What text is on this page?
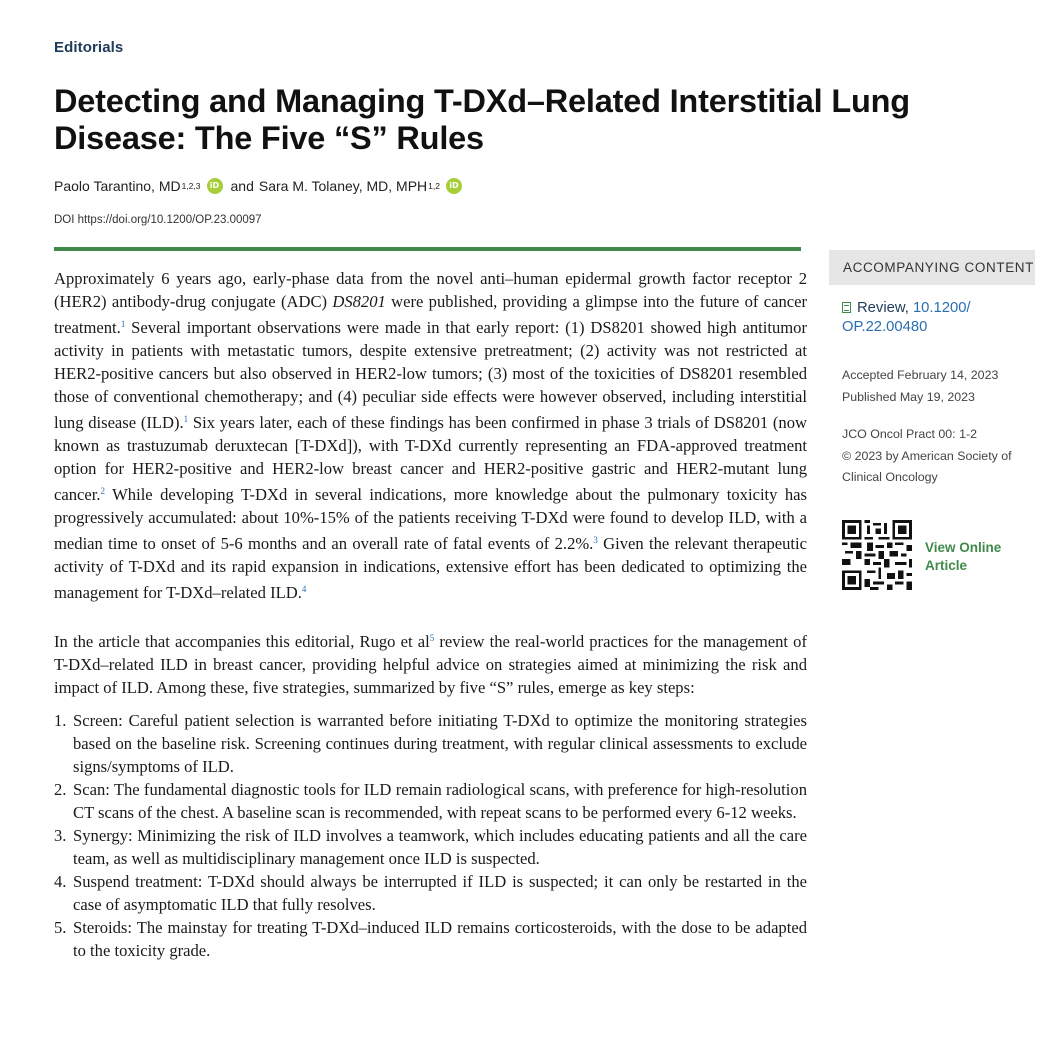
Editorials
Detecting and Managing T-DXd–Related Interstitial Lung
Disease: The Five “S” Rules
Paolo Tarantino, MD 1,2,3	iD and Sara M. Tolaney, MD, MPH 1,2	iD
DOI https://doi.org/10.1200/OP.23.00097

Approximately 6 years ago, early-phase data from the novel anti–human epidermal growth factor receptor 2 (HER2) antibody-drug conjugate (ADC) DS8201 were published, providing a glimpse into the future of cancer treatment.$^1$ Several important observations were made in that early report: (1) DS8201 showed high antitumor activity in patients with metastatic tumors, despite extensive pretreatment; (2) activity was not restricted at HER2-positive cancers but also observed in HER2-low tumors; (3) most of the toxicities of DS8201 resembled those of conventional chemotherapy; and (4) peculiar side effects were however observed, including interstitial lung disease (ILD).$^1$ Six years later, each of these findings has been confirmed in phase 3 trials of DS8201 (now known as trastuzumab deruxtecan [T-DXd]), with T-DXd currently representing an FDA-approved treatment option for HER2-positive and HER2-low breast cancer and HER2-positive gastric and HER2-mutant lung cancer.$^2$ While developing T-DXd in several indications, more knowledge about the pulmonary toxicity has progressively accumulated: about 10%-15% of the patients receiving T-DXd were found to develop ILD, with a median time to onset of 5-6 months and an overall rate of fatal events of 2.2%.$^3$ Given the relevant therapeutic activity of T-DXd and its rapid expansion in indications, extensive effort has been dedicated to optimizing the management for T-DXd–related ILD.$^4$

In the article that accompanies this editorial, Rugo et $al^5$ review the real-world practices for the management of T-DXd–related ILD in breast cancer, providing helpful advice on strategies aimed at minimizing the risk and impact of ILD. Among these, five strategies, summarized by five “S” rules, emerge as key steps:

1. Screen: Careful patient selection is warranted before initiating T-DXd to optimize the monitoring strategies based on the baseline risk. Screening continues during treatment, with regular clinical assessments to exclude signs/symptoms of ILD.
2. Scan: The fundamental diagnostic tools for ILD remain radiological scans, with preference for high-resolution CT scans of the chest. A baseline scan is recommended, with repeat scans to be performed every 6-12 weeks.
3. Synergy: Minimizing the risk of ILD involves a teamwork, which includes educating patients and all the care team, as well as multidisciplinary management once ILD is suspected.
4. Suspend treatment: T-DXd should always be interrupted if ILD is suspected; it can only be restarted in the case of asymptomatic ILD that fully resolves.
5. Steroids: The mainstay for treating T-DXd–induced ILD remains corticosteroids, with the dose to be adapted to the toxicity grade.
ACCOMPANYING CONTENT
Review, 10.1200/
OP.22.00480
Accepted February 14, 2023
Published May 19, 2023
JCO Oncol Pract 00: 1-2
© 2023 by American Society of
Clinical Oncology
View Online
Article
